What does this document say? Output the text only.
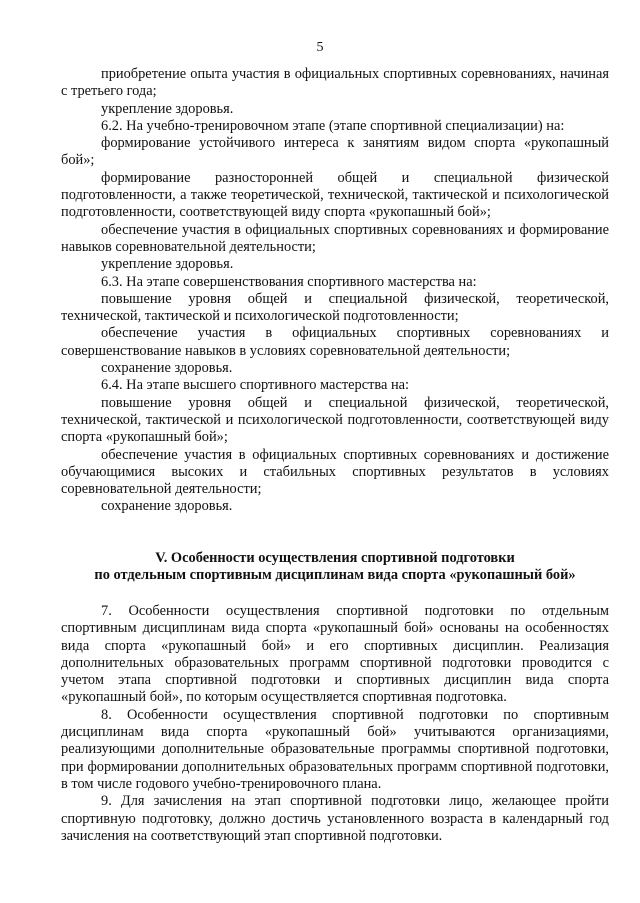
5

приобретение опыта участия в официальных спортивных соревнованиях, начиная с третьего года;

укрепление здоровья.

6.2. На учебно-тренировочном этапе (этапе спортивной специализации) на:

формирование устойчивого интереса к занятиям видом спорта «рукопашный бой»;

формирование разносторонней общей и специальной физической подготовленности, а также теоретической, технической, тактической и психологической подготовленности, соответствующей виду спорта «рукопашный бой»;

обеспечение участия в официальных спортивных соревнованиях и формирование навыков соревновательной деятельности;

укрепление здоровья.

6.3. На этапе совершенствования спортивного мастерства на:

повышение уровня общей и специальной физической, теоретической, технической, тактической и психологической подготовленности;

обеспечение участия в официальных спортивных соревнованиях и совершенствование навыков в условиях соревновательной деятельности;

сохранение здоровья.

6.4. На этапе высшего спортивного мастерства на:

повышение уровня общей и специальной физической, теоретической, технической, тактической и психологической подготовленности, соответствующей виду спорта «рукопашный бой»;

обеспечение участия в официальных спортивных соревнованиях и достижение обучающимися высоких и стабильных спортивных результатов в условиях соревновательной деятельности;

сохранение здоровья.

V. Особенности осуществления спортивной подготовки
по отдельным спортивным дисциплинам вида спорта «рукопашный бой»

7. Особенности осуществления спортивной подготовки по отдельным спортивным дисциплинам вида спорта «рукопашный бой» основаны на особенностях вида спорта «рукопашный бой» и его спортивных дисциплин. Реализация дополнительных образовательных программ спортивной подготовки проводится с учетом этапа спортивной подготовки и спортивных дисциплин вида спорта «рукопашный бой», по которым осуществляется спортивная подготовка.

8. Особенности осуществления спортивной подготовки по спортивным дисциплинам вида спорта «рукопашный бой» учитываются организациями, реализующими дополнительные образовательные программы спортивной подготовки, при формировании дополнительных образовательных программ спортивной подготовки, в том числе годового учебно-тренировочного плана.

9. Для зачисления на этап спортивной подготовки лицо, желающее пройти спортивную подготовку, должно достичь установленного возраста в календарный год зачисления на соответствующий этап спортивной подготовки.
